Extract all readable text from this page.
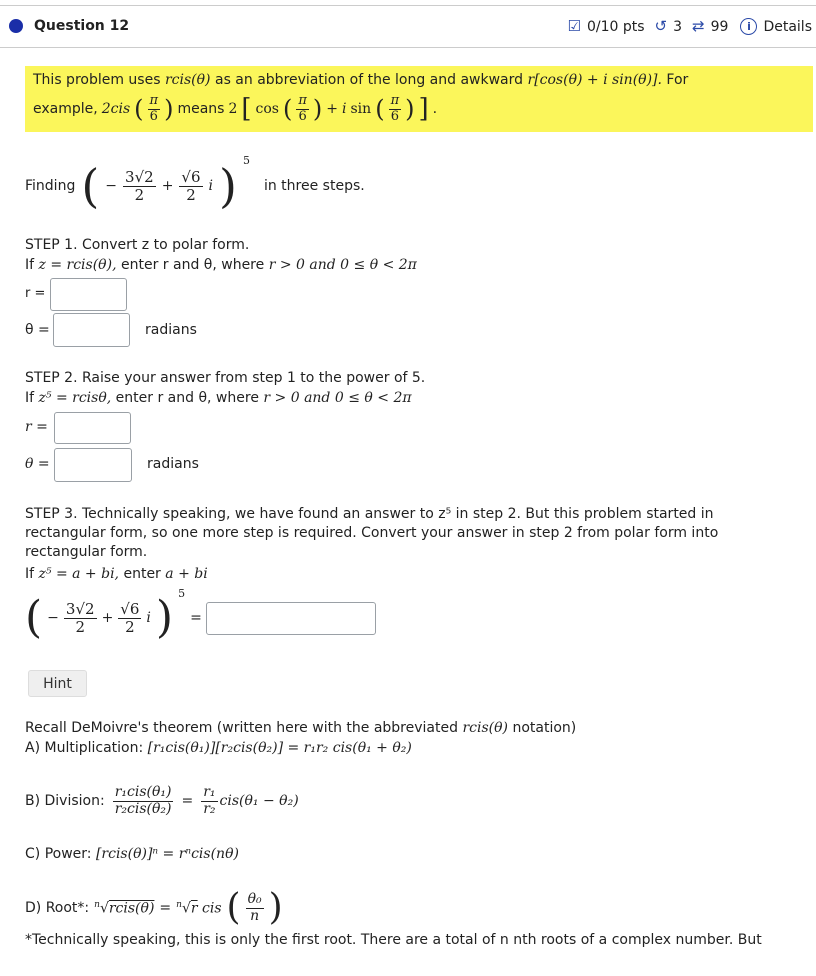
Question 12	☑ 0/10 pts ↺ 3 ⇄ 99	i Details
This problem uses rcis(θ) as an abbreviation of the long and awkward r[cos(θ) + i sin(θ)]. For
example, 2cis ( $\frac{\pi}{6}$ ) means 2 [ cos ( $\frac{\pi}{6}$ ) + i sin ( $\frac{\pi}{6}$ ) ] .
Finding ( − $\frac{3√2}{2} + \frac{√6}{2}$ i ) 5
in three steps.
STEP 1. Convert z to polar form.
If z = rcis(θ), enter r and θ, where r > 0 and 0 ≤ θ < 2π
r =
θ =	radians
STEP 2. Raise your answer from step 1 to the power of 5.
If z⁵ = rcisθ, enter r and θ, where r > 0 and 0 ≤ θ < 2π
r =
θ =	radians
STEP 3. Technically speaking, we have found an answer to z⁵ in step 2. But this problem started in
rectangular form, so one more step is required. Convert your answer in step 2 from polar form into
rectangular form.
If z⁵ = a + bi, enter a + bi
( − $\frac{3√2}{2} + \frac{√6}{2}$ i ) 5
=
Hint
Recall DeMoivre's theorem (written here with the abbreviated rcis(θ) notation)
A) Multiplication: [r₁cis(θ₁)][r₂cis(θ₂)] = r₁r₂ cis(θ₁ + θ₂)
B) Division: $\frac{\text{r₁cis(θ₁)}}{\text{r₂cis(θ₂)}} = \frac{\text{r₁}}{\text{r₂}} cis(\theta_1 - \theta_2)$
C) Power: [rcis(θ)]ⁿ = rⁿcis(nθ)
D) Root*: $^n$√rcis(θ) = $^n$√r cis ( $\frac{\text{θ₀}}{n}$ )
*Technically speaking, this is only the first root. There are a total of n nth roots of a complex number. But
